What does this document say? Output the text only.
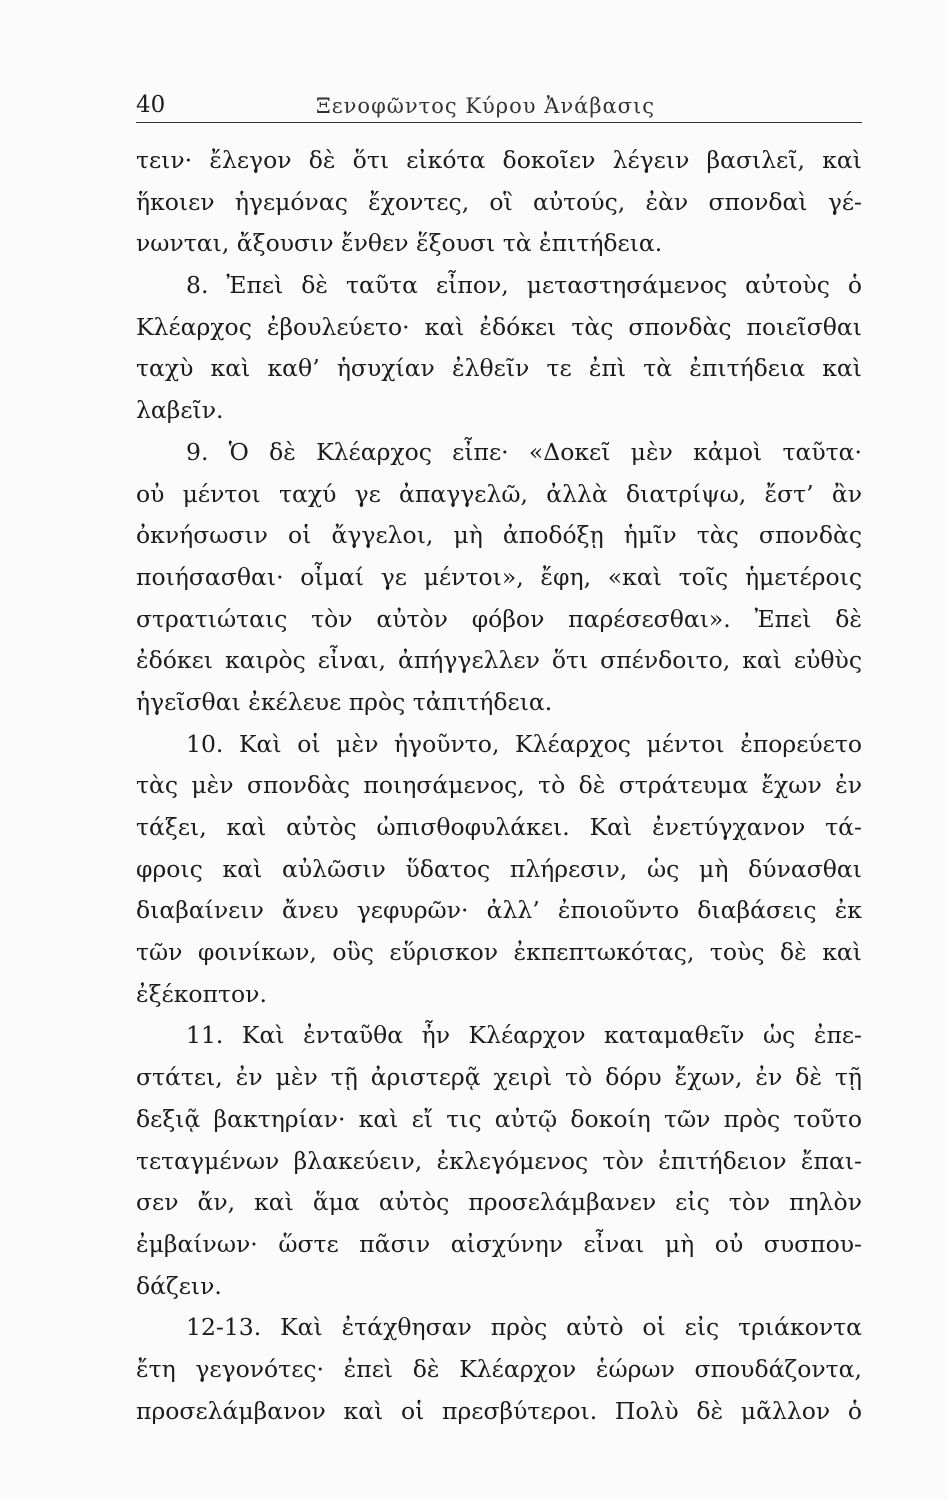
40	Ξενοφῶντος Κύρου Ἀνάβασις
τειν· ἔλεγον δὲ ὅτι εἰκότα δοκοῖεν λέγειν βασιλεῖ, καὶ
ἥκοιεν ἡγεμόνας ἔχοντες, οἳ αὐτούς, ἐὰν σπονδαὶ γέ-
νωνται, ἄξουσιν ἔνθεν ἕξουσι τὰ ἐπιτήδεια.
8. Ἐπεὶ δὲ ταῦτα εἶπον, μεταστησάμενος αὐτοὺς ὁ
Κλέαρχος ἐβουλεύετο· καὶ ἐδόκει τὰς σπονδὰς ποιεῖσθαι
ταχὺ καὶ καθ’ ἡσυχίαν ἐλθεῖν τε ἐπὶ τὰ ἐπιτήδεια καὶ
λαβεῖν.
9. Ὁ δὲ Κλέαρχος εἶπε· «Δοκεῖ μὲν κἀμοὶ ταῦτα·
οὐ μέντοι ταχύ γε ἀπαγγελῶ, ἀλλὰ διατρίψω, ἔστ’ ἂν
ὀκνήσωσιν οἱ ἄγγελοι, μὴ ἀποδόξῃ ἡμῖν τὰς σπονδὰς
ποιήσασθαι· οἶμαί γε μέντοι», ἔφη, «καὶ τοῖς ἡμετέροις
στρατιώταις τὸν αὐτὸν φόβον παρέσεσθαι». Ἐπεὶ δὲ
ἐδόκει καιρὸς εἶναι, ἀπήγγελλεν ὅτι σπένδοιτο, καὶ εὐθὺς
ἡγεῖσθαι ἐκέλευε πρὸς τἀπιτήδεια.
10. Καὶ οἱ μὲν ἡγοῦντο, Κλέαρχος μέντοι ἐπορεύετο
τὰς μὲν σπονδὰς ποιησάμενος, τὸ δὲ στράτευμα ἔχων ἐν
τάξει, καὶ αὐτὸς ὠπισθοφυλάκει. Καὶ ἐνετύγχανον τά-
φροις καὶ αὐλῶσιν ὕδατος πλήρεσιν, ὡς μὴ δύνασθαι
διαβαίνειν ἄνευ γεφυρῶν· ἀλλ’ ἐποιοῦντο διαβάσεις ἐκ
τῶν φοινίκων, οὓς εὕρισκον ἐκπεπτωκότας, τοὺς δὲ καὶ
ἐξέκοπτον.
11. Καὶ ἐνταῦθα ἦν Κλέαρχον καταμαθεῖν ὡς ἐπε-
στάτει, ἐν μὲν τῇ ἀριστερᾷ χειρὶ τὸ δόρυ ἔχων, ἐν δὲ τῇ
δεξιᾷ βακτηρίαν· καὶ εἴ τις αὐτῷ δοκοίη τῶν πρὸς τοῦτο
τεταγμένων βλακεύειν, ἐκλεγόμενος τὸν ἐπιτήδειον ἔπαι-
σεν ἄν, καὶ ἅμα αὐτὸς προσελάμβανεν εἰς τὸν πηλὸν
ἐμβαίνων· ὥστε πᾶσιν αἰσχύνην εἶναι μὴ οὐ συσπου-
δάζειν.
12-13. Καὶ ἐτάχθησαν πρὸς αὐτὸ οἱ εἰς τριάκοντα
ἔτη γεγονότες· ἐπεὶ δὲ Κλέαρχον ἑώρων σπουδάζοντα,
προσελάμβανον καὶ οἱ πρεσβύτεροι. Πολὺ δὲ μᾶλλον ὁ
